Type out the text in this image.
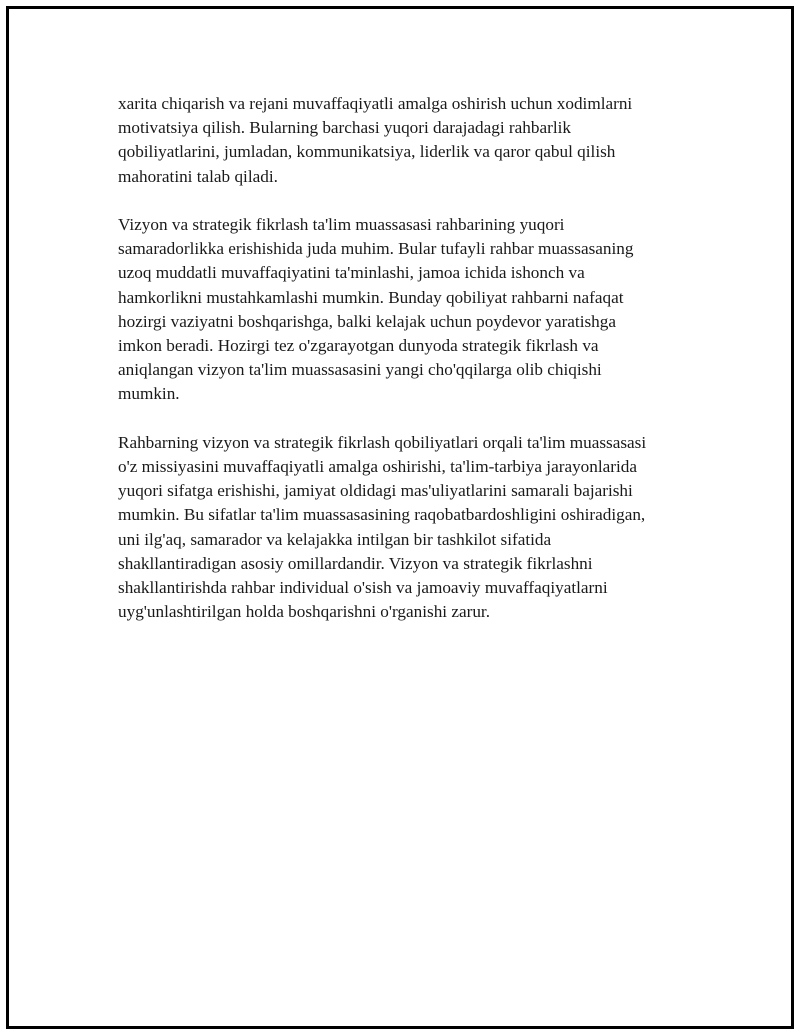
xarita chiqarish va rejani muvaffaqiyatli amalga oshirish uchun xodimlarni
motivatsiya qilish. Bularning barchasi yuqori darajadagi rahbarlik
qobiliyatlarini, jumladan, kommunikatsiya, liderlik va qaror qabul qilish
mahoratini talab qiladi.

Vizyon va strategik fikrlash ta'lim muassasasi rahbarining yuqori
samaradorlikka erishishida juda muhim. Bular tufayli rahbar muassasaning
uzoq muddatli muvaffaqiyatini ta'minlashi, jamoa ichida ishonch va
hamkorlikni mustahkamlashi mumkin. Bunday qobiliyat rahbarni nafaqat
hozirgi vaziyatni boshqarishga, balki kelajak uchun poydevor yaratishga
imkon beradi. Hozirgi tez o'zgarayotgan dunyoda strategik fikrlash va
aniqlangan vizyon ta'lim muassasasini yangi cho'qqilarga olib chiqishi
mumkin.

Rahbarning vizyon va strategik fikrlash qobiliyatlari orqali ta'lim muassasasi
o'z missiyasini muvaffaqiyatli amalga oshirishi, ta'lim-tarbiya jarayonlarida
yuqori sifatga erishishi, jamiyat oldidagi mas'uliyatlarini samarali bajarishi
mumkin. Bu sifatlar ta'lim muassasasining raqobatbardoshligini oshiradigan,
uni ilg'aq, samarador va kelajakka intilgan bir tashkilot sifatida
shakllantiradigan asosiy omillardandir. Vizyon va strategik fikrlashni
shakllantirishda rahbar individual o'sish va jamoaviy muvaffaqiyatlarni
uyg'unlashtirilgan holda boshqarishni o'rganishi zarur.
